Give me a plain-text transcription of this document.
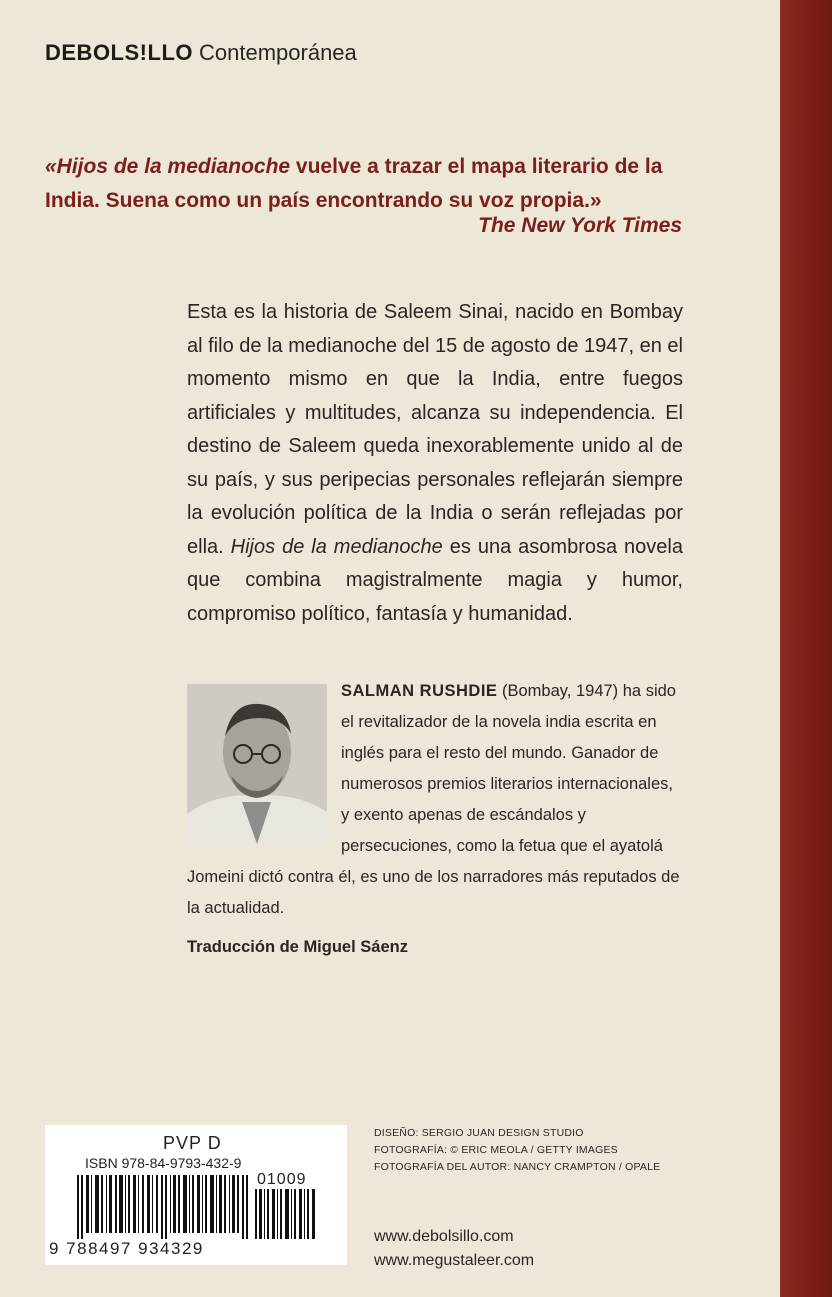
DEBOLS!LLO Contemporánea
«Hijos de la medianoche vuelve a trazar el mapa literario de la India. Suena como un país encontrando su voz propia.»
The New York Times
Esta es la historia de Saleem Sinai, nacido en Bombay al filo de la medianoche del 15 de agosto de 1947, en el momento mismo en que la India, entre fuegos artificiales y multitudes, alcanza su independencia. El destino de Saleem queda inexorablemente unido al de su país, y sus peripecias personales reflejarán siempre la evolución política de la India o serán reflejadas por ella. Hijos de la medianoche es una asombrosa novela que combina magistralmente magia y humor, compromiso político, fantasía y humanidad.
SALMAN RUSHDIE (Bombay, 1947) ha sido el revitalizador de la novela india escrita en inglés para el resto del mundo. Ganador de numerosos premios literarios internacionales, y exento apenas de escándalos y persecuciones, como la fetua que el ayatolá Jomeini dictó contra él, es uno de los narradores más reputados de la actualidad.
Traducción de Miguel Sáenz
PVP D
ISBN 978-84-9793-432-9
01009
9 788497 934329
DISEÑO: SERGIO JUAN DESIGN STUDIO
FOTOGRAFÍA: © ERIC MEOLA / GETTY IMAGES
FOTOGRAFÍA DEL AUTOR: NANCY CRAMPTON / OPALE
www.debolsillo.com
www.megustaleer.com
